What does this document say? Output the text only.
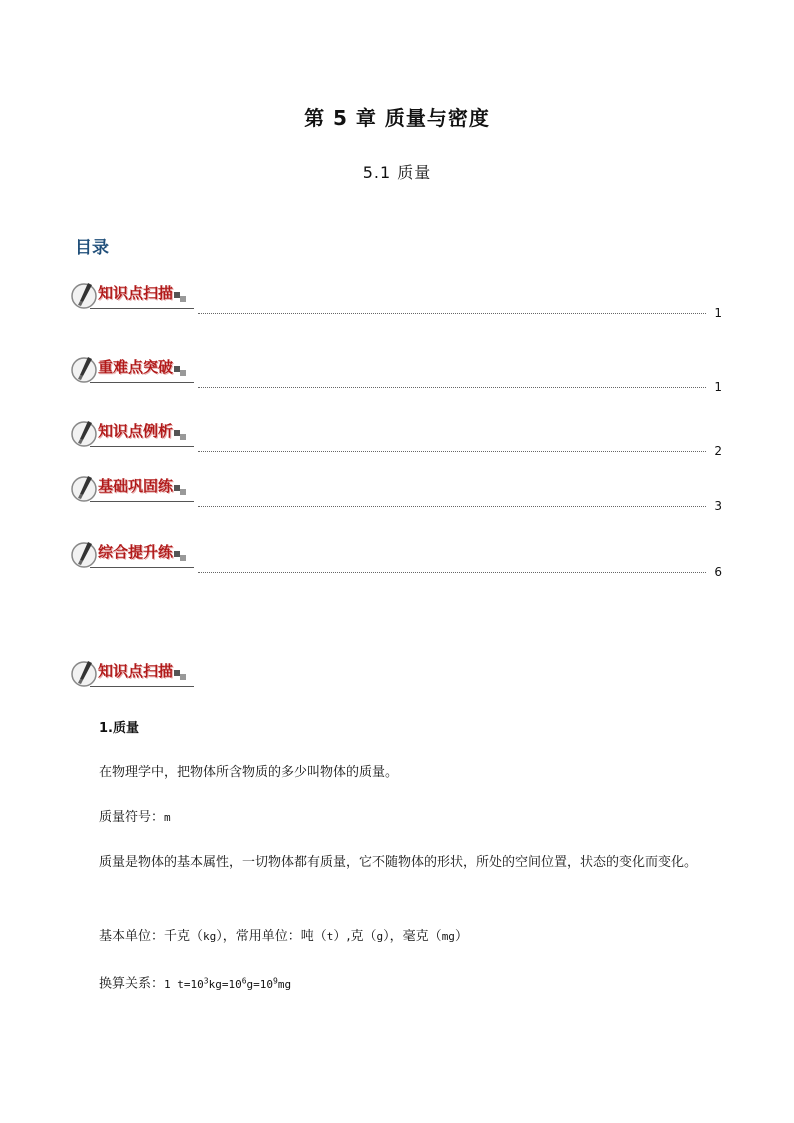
第 5 章 质量与密度
5.1 质量
目录
知识点扫描
1
重难点突破
1
知识点例析
2
基础巩固练
3
综合提升练
6
知识点扫描
1.质量
在物理学中，把物体所含物质的多少叫物体的质量。
质量符号：m
质量是物体的基本属性，一切物体都有质量，它不随物体的形状，所处的空间位置，状态的变化而变化。
基本单位：千克（kg），常用单位：吨（t）,克（g），毫克（mg）
换算关系：1 $t=10^3kg=10^6g=10^9mg$
